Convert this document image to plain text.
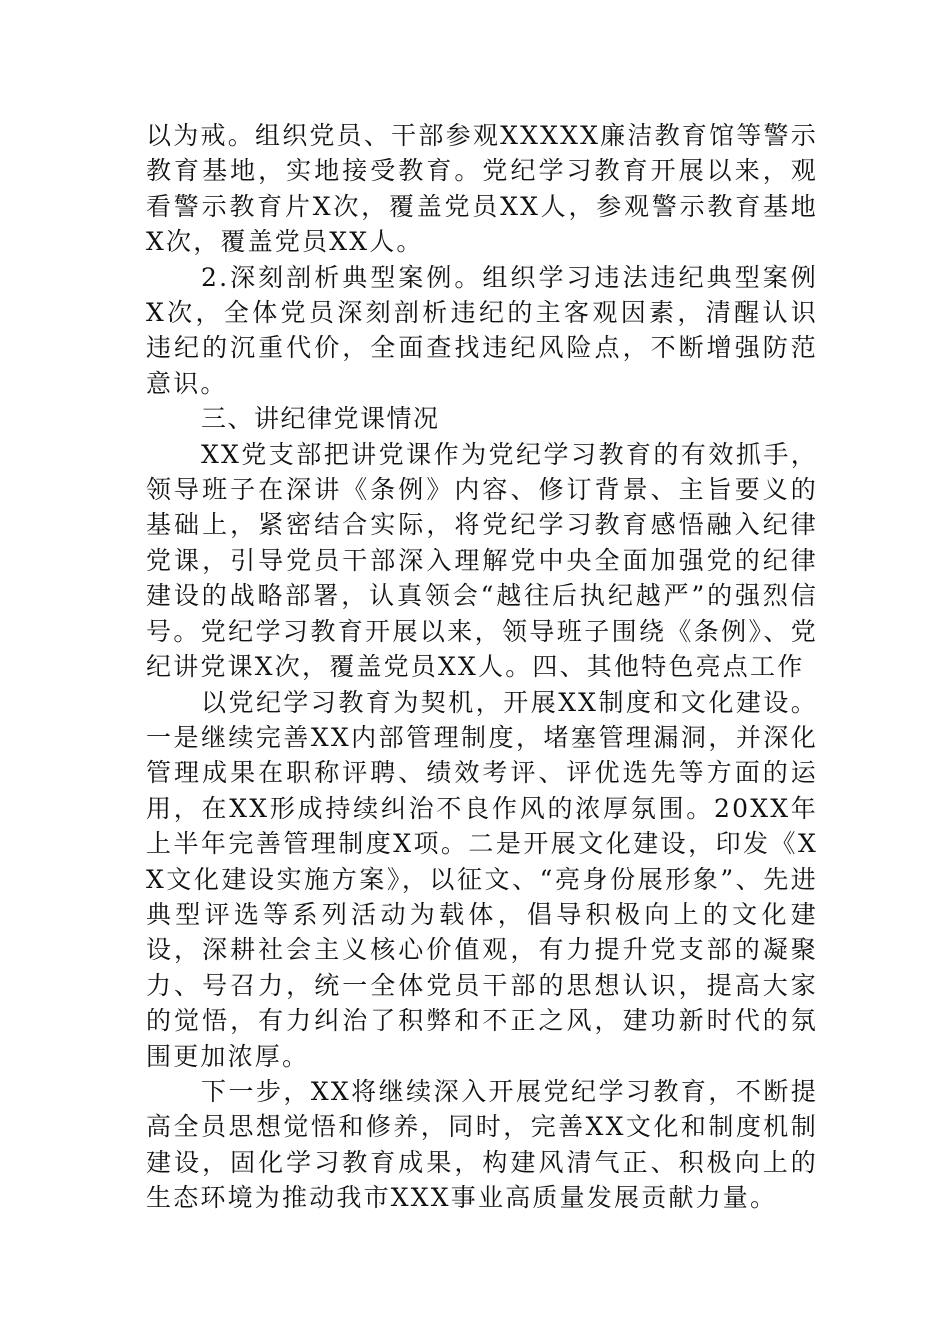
以为戒。组织党员、干部参观XXXXX廉洁教育馆等警示教育基地，实地接受教育。党纪学习教育开展以来，观看警示教育片X次，覆盖党员XX人，参观警示教育基地X次，覆盖党员XX人。

2.深刻剖析典型案例。组织学习违法违纪典型案例X次，全体党员深刻剖析违纪的主客观因素，清醒认识违纪的沉重代价，全面查找违纪风险点，不断增强防范意识。

三、讲纪律党课情况

XX党支部把讲党课作为党纪学习教育的有效抓手，领导班子在深讲《条例》内容、修订背景、主旨要义的基础上，紧密结合实际，将党纪学习教育感悟融入纪律党课，引导党员干部深入理解党中央全面加强党的纪律建设的战略部署，认真领会“越往后执纪越严”的强烈信号。党纪学习教育开展以来，领导班子围绕《条例》、党纪讲党课X次，覆盖党员XX人。四、其他特色亮点工作

以党纪学习教育为契机，开展XX制度和文化建设。一是继续完善XX内部管理制度，堵塞管理漏洞，并深化管理成果在职称评聘、绩效考评、评优选先等方面的运用，在XX形成持续纠治不良作风的浓厚氛围。20XX年上半年完善管理制度X项。二是开展文化建设，印发《XX文化建设实施方案》，以征文、“亮身份展形象”、先进典型评选等系列活动为载体，倡导积极向上的文化建设，深耕社会主义核心价值观，有力提升党支部的凝聚力、号召力，统一全体党员干部的思想认识，提高大家的觉悟，有力纠治了积弊和不正之风，建功新时代的氛围更加浓厚。

下一步，XX将继续深入开展党纪学习教育，不断提高全员思想觉悟和修养，同时，完善XX文化和制度机制建设，固化学习教育成果，构建风清气正、积极向上的生态环境为推动我市XXX事业高质量发展贡献力量。
